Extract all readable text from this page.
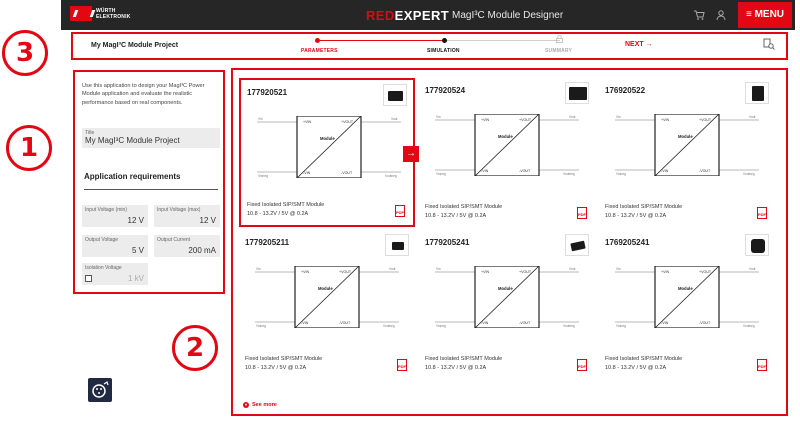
WÜRTH
ELEKTRONIK	REDEXPERT MagI³C Module Designer	≡ MENU
3
1
2
My MagI³C Module Project
PARAMETERS	SIMULATION	SUMMARY
NEXT →
Use this application to design your MagI³C Power Module application and evaluate the realistic performance based on real components.
Title
My MagI³C Module Project
Application requirements
Input Voltage (min)
12 V
Input Voltage (max)
12 V
Output Voltage
5 V
Output Current
200 mA
Isolation Voltage
1 kV
▾ See more
177920521
+VIN	+VOUT
-VIN	-VOUT
Module
Vin	Vout
Vinneg	Voutneg
Fixed Isolated SIP/SMT Module
10.8 - 13.2V / 5V @ 0.2A	PDF
177920524
+VIN	+VOUT
-VIN	-VOUT
Module
Vin	Vout
Vinneg	Voutneg
Fixed Isolated SIP/SMT Module
10.8 - 13.2V / 5V @ 0.2A	PDF
176920522
+VIN	+VOUT
-VIN	-VOUT
Module
Vin	Vout
Vinneg	Voutneg
Fixed Isolated SIP/SMT Module
10.8 - 13.2V / 5V @ 0.2A	PDF
1779205211
+VIN	+VOUT
-VIN	-VOUT
Module
Vin	Vout
Vinneg	Voutneg
Fixed Isolated SIP/SMT Module
10.8 - 13.2V / 5V @ 0.2A	PDF
1779205241
+VIN	+VOUT
-VIN	-VOUT
Module
Vin	Vout
Vinneg	Voutneg
Fixed Isolated SIP/SMT Module
10.8 - 13.2V / 5V @ 0.2A	PDF
1769205241
+VIN	+VOUT
-VIN	-VOUT
Module
Vin	Vout
Vinneg	Voutneg
Fixed Isolated SIP/SMT Module
10.8 - 13.2V / 5V @ 0.2A	PDF
→
